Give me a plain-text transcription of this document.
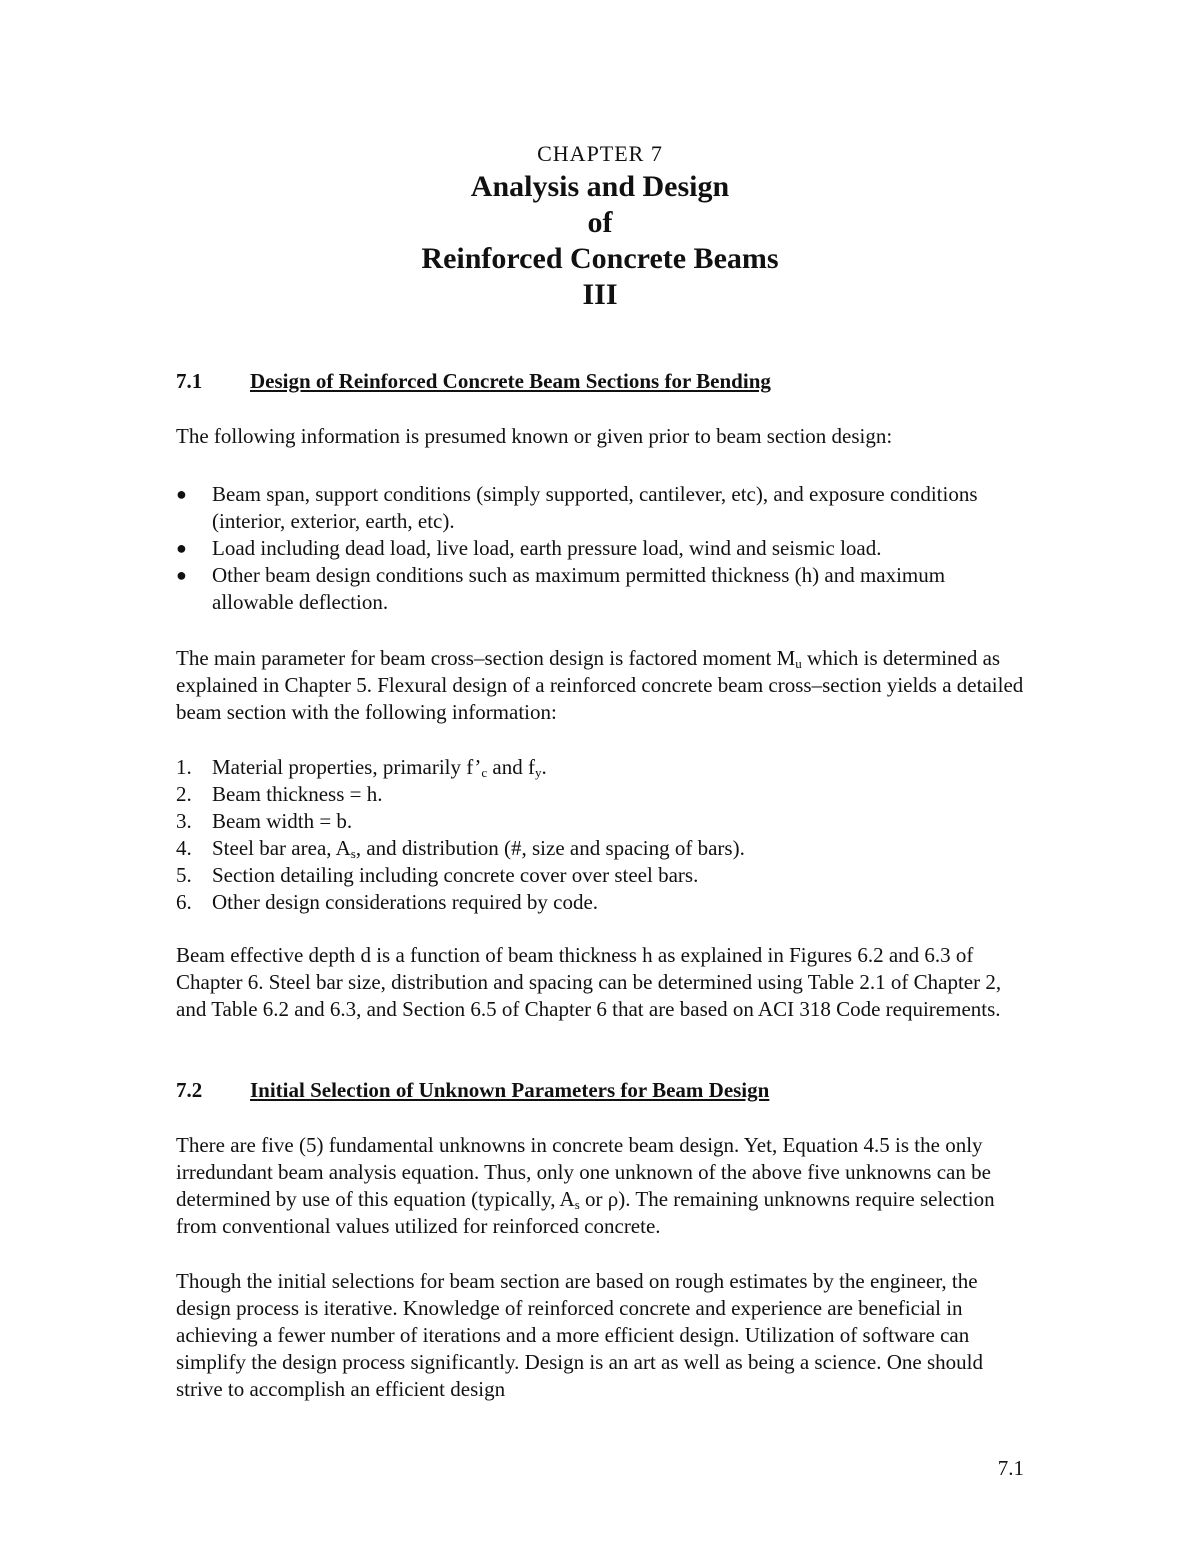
CHAPTER 7
Analysis and Design
of
Reinforced Concrete Beams
III
7.1 Design of Reinforced Concrete Beam Sections for Bending

The following information is presumed known or given prior to beam section design:

● Beam span, support conditions (simply supported, cantilever, etc), and exposure conditions (interior, exterior, earth, etc).
● Load including dead load, live load, earth pressure load, wind and seismic load.
● Other beam design conditions such as maximum permitted thickness (h) and maximum allowable deflection.

The main parameter for beam cross–section design is factored moment $M_u$ which is determined as explained in Chapter 5. Flexural design of a reinforced concrete beam cross–section yields a detailed beam section with the following information:

1. Material properties, primarily $f’_c$ and $f_y$.
2. Beam thickness = h.
3. Beam width = b.
4. Steel bar area, $A_s$, and distribution (#, size and spacing of bars).
5. Section detailing including concrete cover over steel bars.
6. Other design considerations required by code.

Beam effective depth d is a function of beam thickness h as explained in Figures 6.2 and 6.3 of Chapter 6. Steel bar size, distribution and spacing can be determined using Table 2.1 of Chapter 2, and Table 6.2 and 6.3, and Section 6.5 of Chapter 6 that are based on ACI 318 Code requirements.

7.2 Initial Selection of Unknown Parameters for Beam Design

There are five (5) fundamental unknowns in concrete beam design. Yet, Equation 4.5 is the only irredundant beam analysis equation. Thus, only one unknown of the above five unknowns can be determined by use of this equation (typically, $A_s$ or ρ). The remaining unknowns require selection from conventional values utilized for reinforced concrete.

Though the initial selections for beam section are based on rough estimates by the engineer, the design process is iterative. Knowledge of reinforced concrete and experience are beneficial in achieving a fewer number of iterations and a more efficient design. Utilization of software can simplify the design process significantly. Design is an art as well as being a science. One should strive to accomplish an efficient design

7.1
